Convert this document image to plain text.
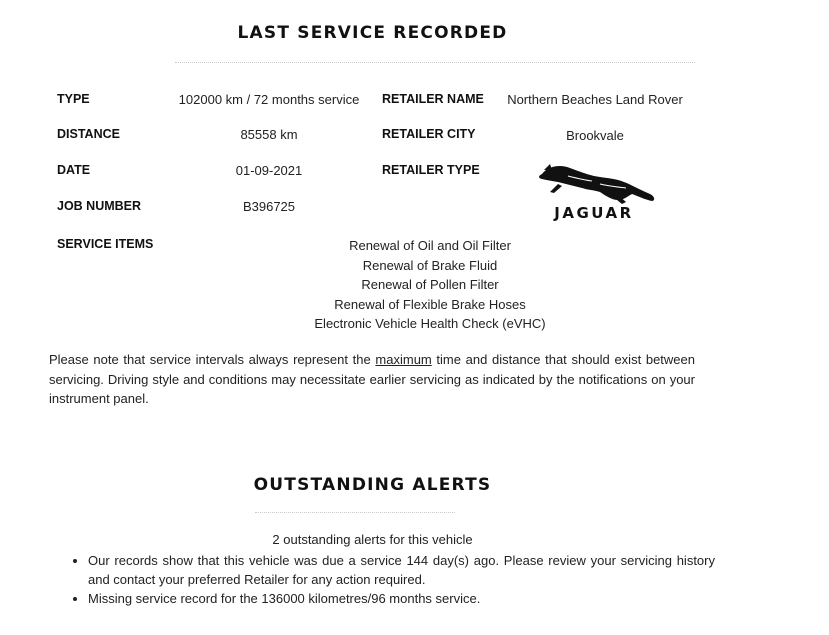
LAST SERVICE RECORDED
TYPE	102000 km / 72 months service	RETAILER NAME	Northern Beaches Land Rover
DISTANCE	85558 km	RETAILER CITY	Brookvale
DATE	01-09-2021	RETAILER TYPE
JAGUAR
JOB NUMBER	B396725
SERVICE ITEMS	Renewal of Oil and Oil Filter
Renewal of Brake Fluid
Renewal of Pollen Filter
Renewal of Flexible Brake Hoses
Electronic Vehicle Health Check (eVHC)
Please note that service intervals always represent the maximum time and distance that should exist between servicing. Driving style and conditions may necessitate earlier servicing as indicated by the notifications on your instrument panel.
OUTSTANDING ALERTS
2 outstanding alerts for this vehicle
• Our records show that this vehicle was due a service 144 day(s) ago. Please review your servicing history and contact your preferred Retailer for any action required.
• Missing service record for the 136000 kilometres/96 months service.
